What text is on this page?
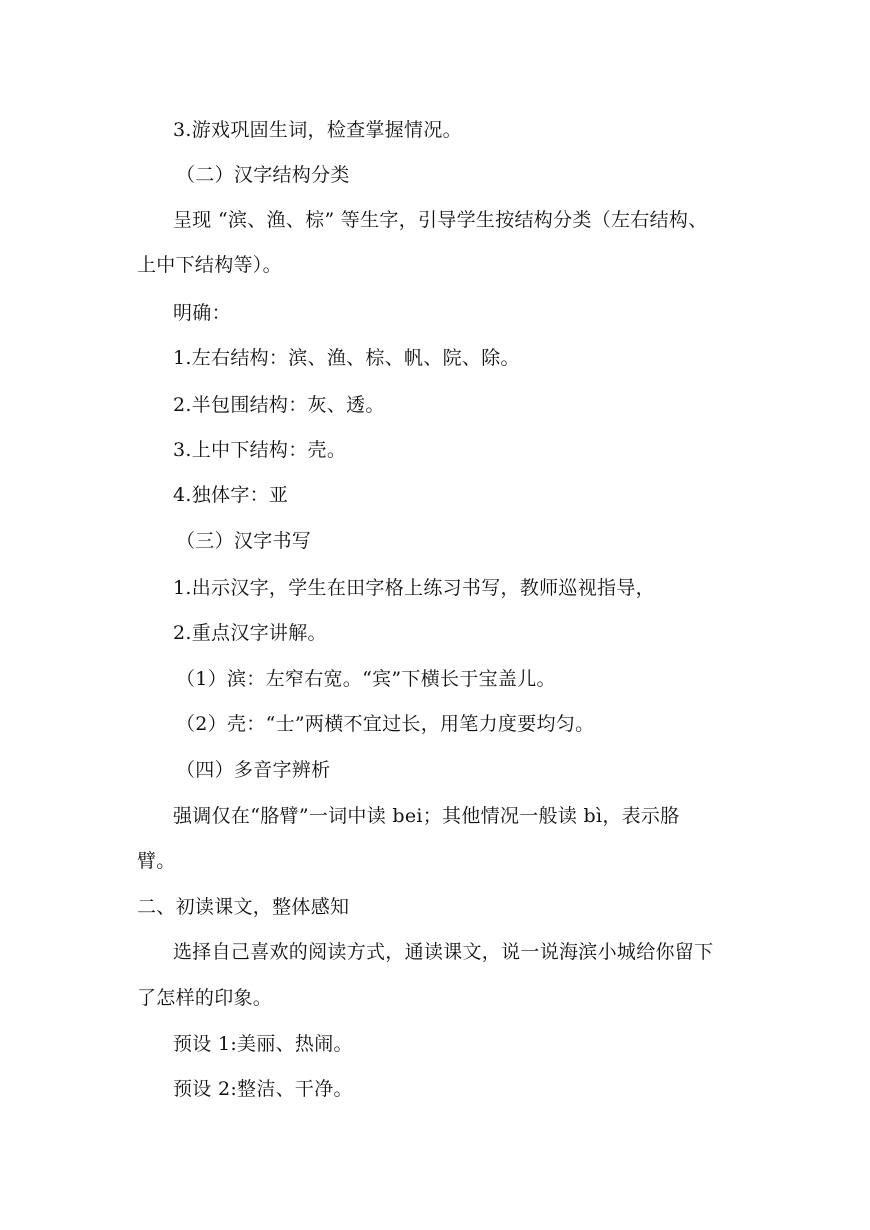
3.游戏巩固生词，检查掌握情况。
（二）汉字结构分类
呈现 “滨、渔、棕” 等生字，引导学生按结构分类（左右结构、
上中下结构等）。
明确：
1.左右结构：滨、渔、棕、帆、院、除。
2.半包围结构：灰、透。
3.上中下结构：壳。
4.独体字：亚
（三）汉字书写
1.出示汉字，学生在田字格上练习书写，教师巡视指导，
2.重点汉字讲解。
（1）滨：左窄右宽。“宾”下横长于宝盖儿。
（2）壳：“士”两横不宜过长，用笔力度要均匀。
（四）多音字辨析
强调仅在“胳臂”一词中读 bei；其他情况一般读 bì，表示胳
臂。
二、初读课文，整体感知
选择自己喜欢的阅读方式，通读课文，说一说海滨小城给你留下
了怎样的印象。
预设 1:美丽、热闹。
预设 2:整洁、干净。
